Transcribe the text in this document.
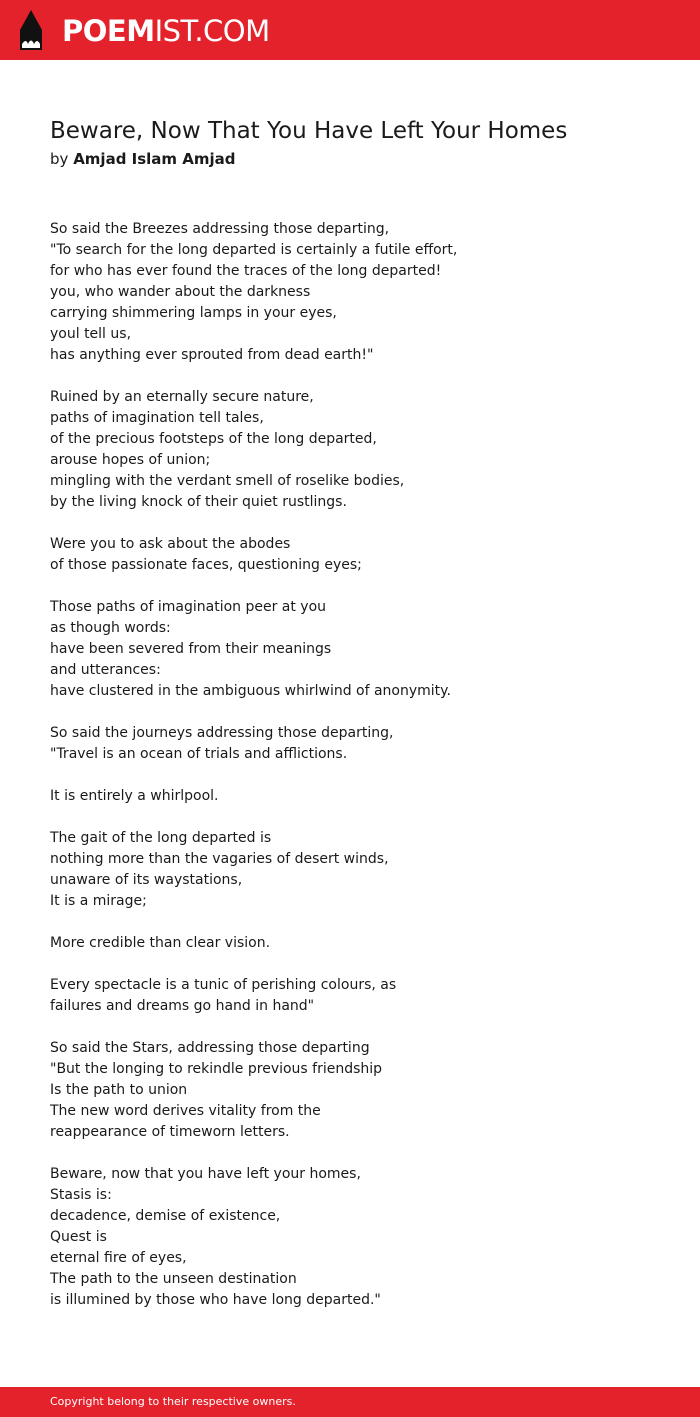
POEMIST.COM
Beware, Now That You Have Left Your Homes
by Amjad Islam Amjad
So said the Breezes addressing those departing,
"To search for the long departed is certainly a futile effort,
for who has ever found the traces of the long departed!
you, who wander about the darkness
carrying shimmering lamps in your eyes,
youl tell us,
has anything ever sprouted from dead earth!"
Ruined by an eternally secure nature,
paths of imagination tell tales,
of the precious footsteps of the long departed,
arouse hopes of union;
mingling with the verdant smell of roselike bodies,
by the living knock of their quiet rustlings.
Were you to ask about the abodes
of those passionate faces, questioning eyes;
Those paths of imagination peer at you
as though words:
have been severed from their meanings
and utterances:
have clustered in the ambiguous whirlwind of anonymity.
So said the journeys addressing those departing,
"Travel is an ocean of trials and afflictions.
It is entirely a whirlpool.
The gait of the long departed is
nothing more than the vagaries of desert winds,
unaware of its waystations,
It is a mirage;
More credible than clear vision.
Every spectacle is a tunic of perishing colours, as
failures and dreams go hand in hand"
So said the Stars, addressing those departing
"But the longing to rekindle previous friendship
Is the path to union
The new word derives vitality from the
reappearance of timeworn letters.
Beware, now that you have left your homes,
Stasis is:
decadence, demise of existence,
Quest is
eternal fire of eyes,
The path to the unseen destination
is illumined by those who have long departed."
Copyright belong to their respective owners.
